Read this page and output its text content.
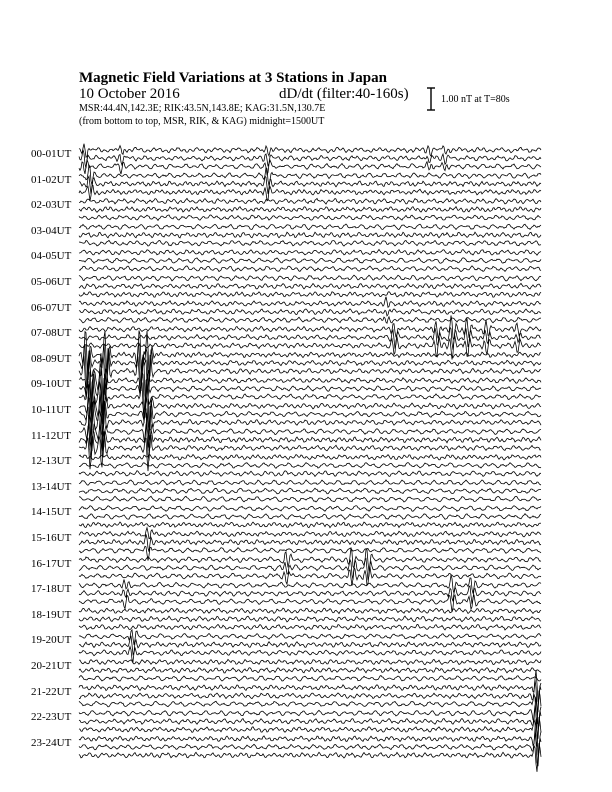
Magnetic Field Variations at 3 Stations in Japan
10 October 2016	dD/dt (filter:40-160s)
MSR:44.4N,142.3E; RIK:43.5N,143.8E; KAG:31.5N,130.7E
(from bottom to top, MSR, RIK, & KAG) midnight=1500UT
1.00 nT at T=80s
00-01UT
01-02UT
02-03UT
03-04UT
04-05UT
05-06UT
06-07UT
07-08UT
08-09UT
09-10UT
10-11UT
11-12UT
12-13UT
13-14UT
14-15UT
15-16UT
16-17UT
17-18UT
18-19UT
19-20UT
20-21UT
21-22UT
22-23UT
23-24UT
